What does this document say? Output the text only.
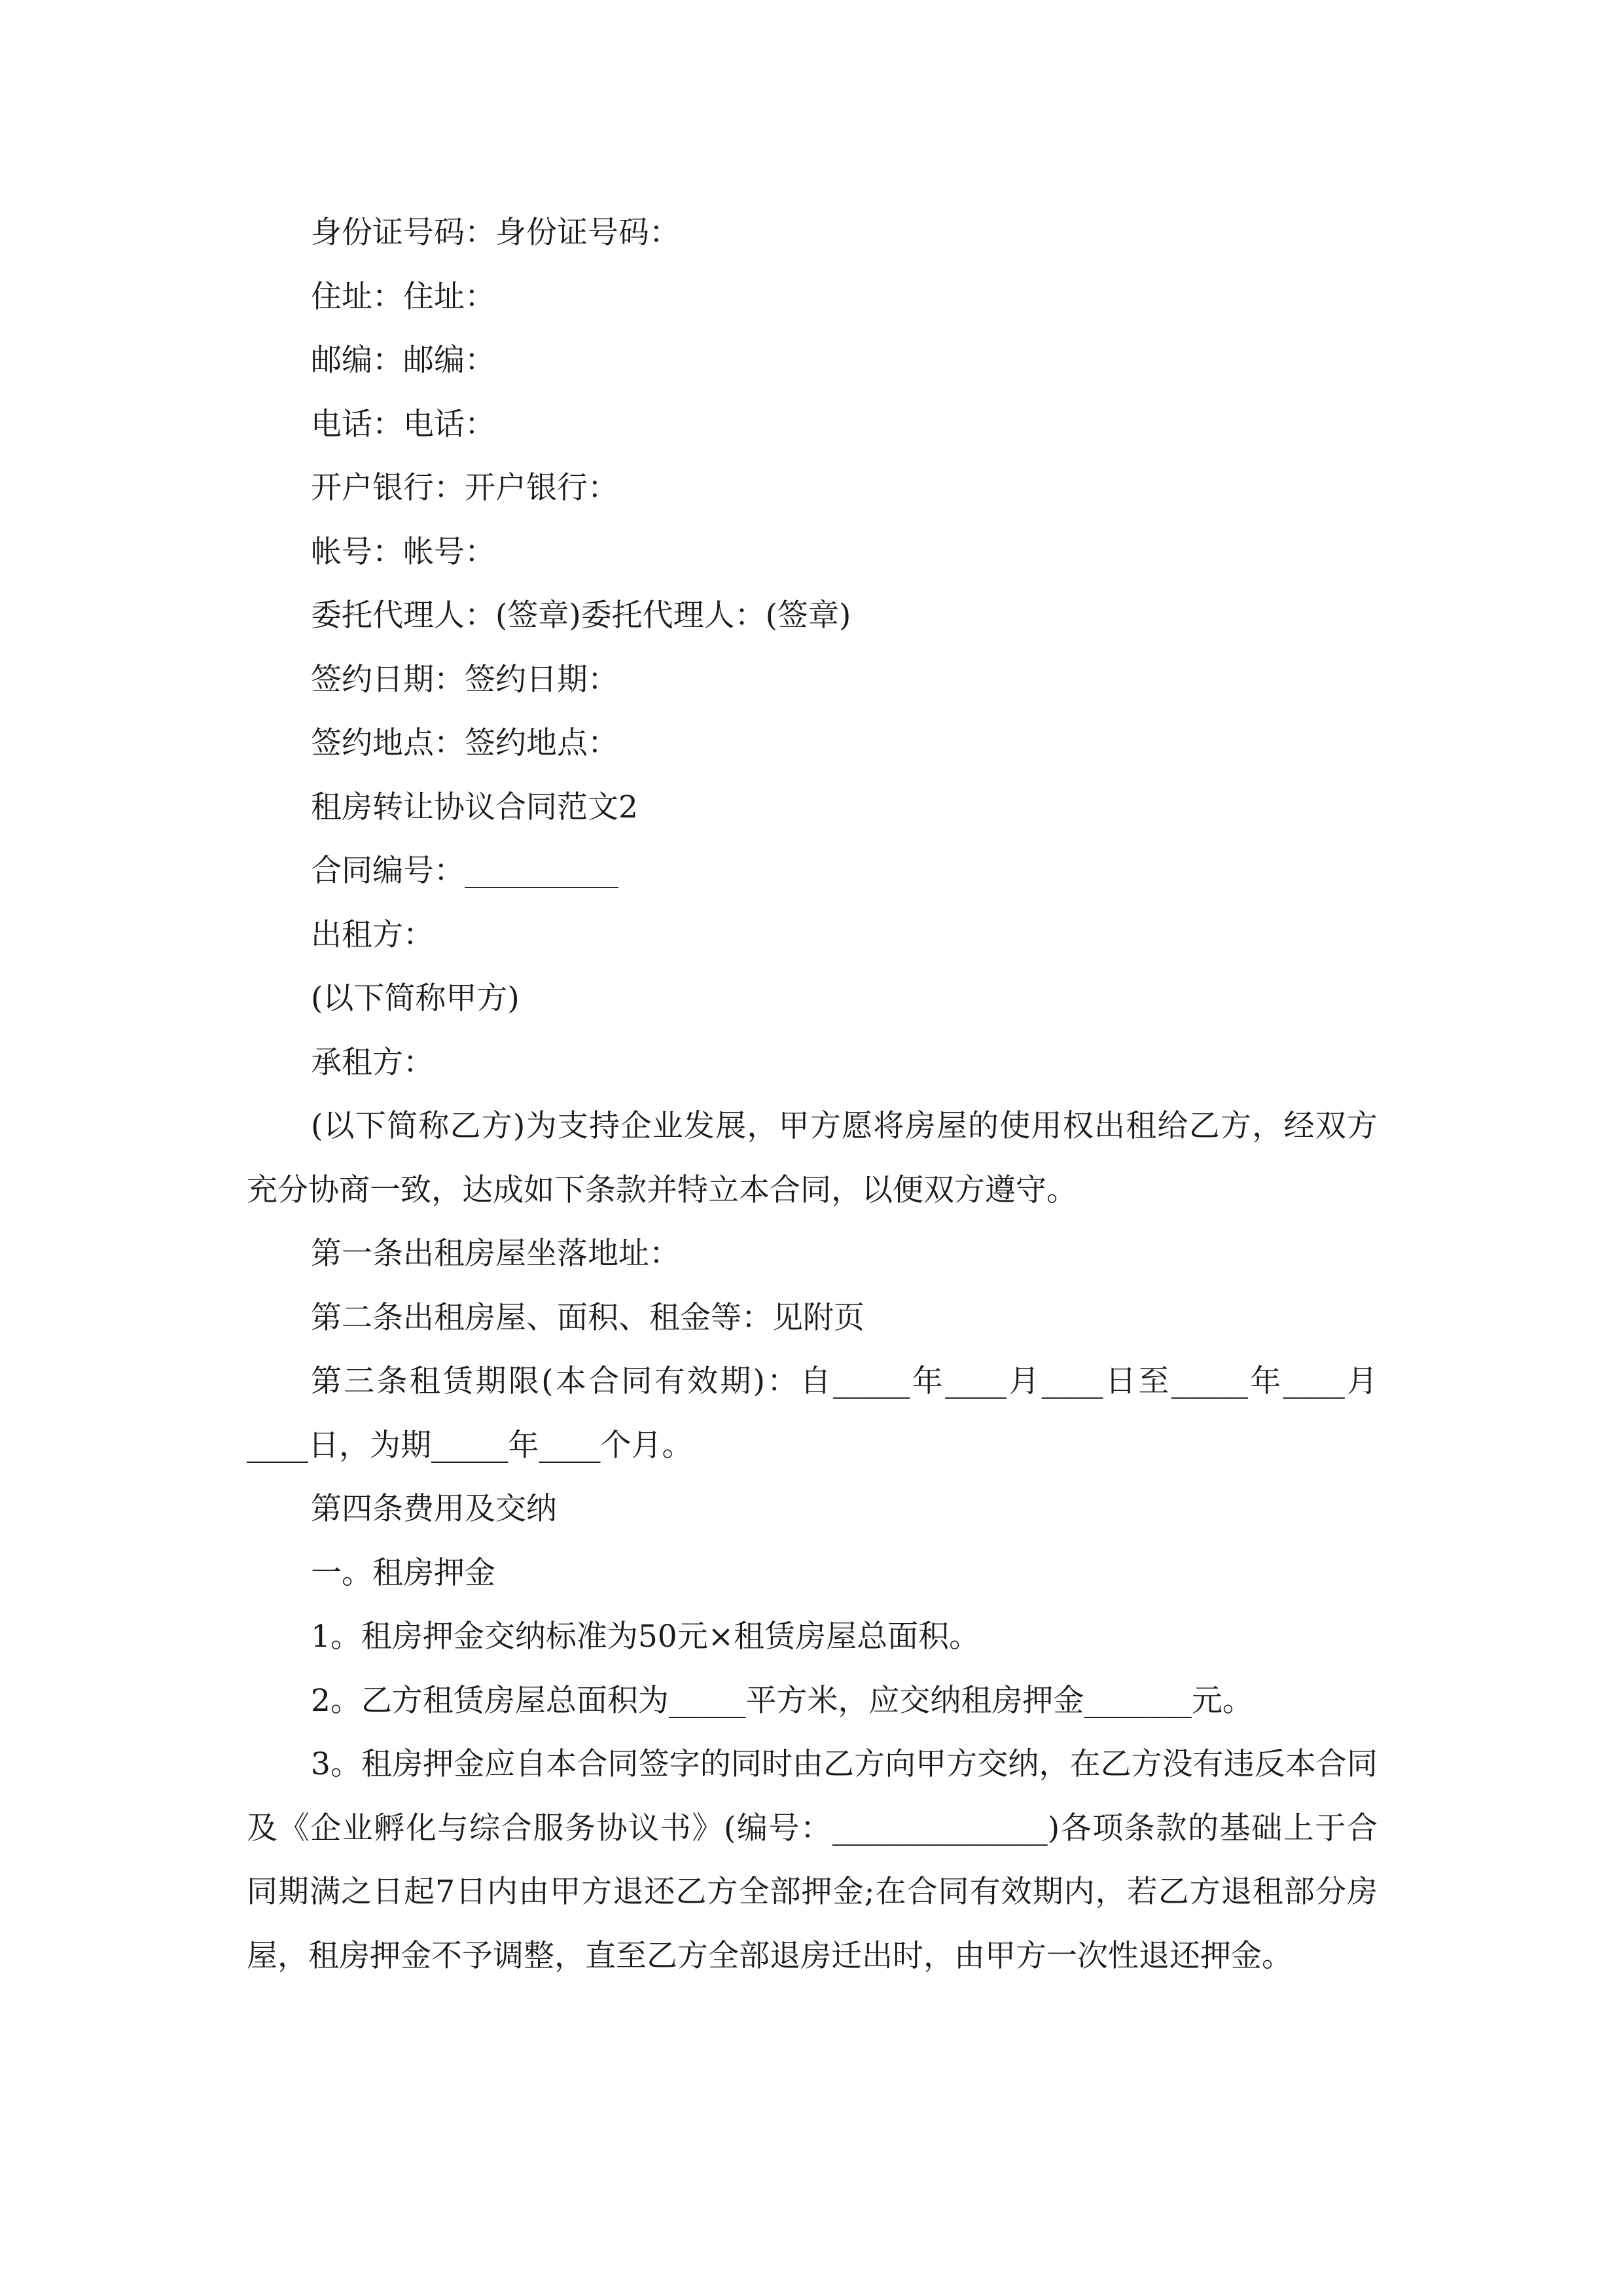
身份证号码：身份证号码：

住址：住址：

邮编：邮编：

电话：电话：

开户银行：开户银行：

帐号：帐号：

委托代理人：(签章)委托代理人：(签章)

签约日期：签约日期：

签约地点：签约地点：

租房转让协议合同范文2

合同编号：__________

出租方：

(以下简称甲方)

承租方：

(以下简称乙方)为支持企业发展，甲方愿将房屋的使用权出租给乙方，经双方充分协商一致，达成如下条款并特立本合同，以便双方遵守。

第一条出租房屋坐落地址：

第二条出租房屋、面积、租金等：见附页

第三条租赁期限(本合同有效期)：自_____年____月____日至_____年____月____日，为期_____年____个月。

第四条费用及交纳

一。租房押金

1。租房押金交纳标准为50元×租赁房屋总面积。

2。乙方租赁房屋总面积为_____平方米，应交纳租房押金_______元。

3。租房押金应自本合同签字的同时由乙方向甲方交纳，在乙方没有违反本合同及《企业孵化与综合服务协议书》(编号：______________)各项条款的基础上于合同期满之日起7日内由甲方退还乙方全部押金;在合同有效期内，若乙方退租部分房屋，租房押金不予调整，直至乙方全部退房迁出时，由甲方一次性退还押金。
